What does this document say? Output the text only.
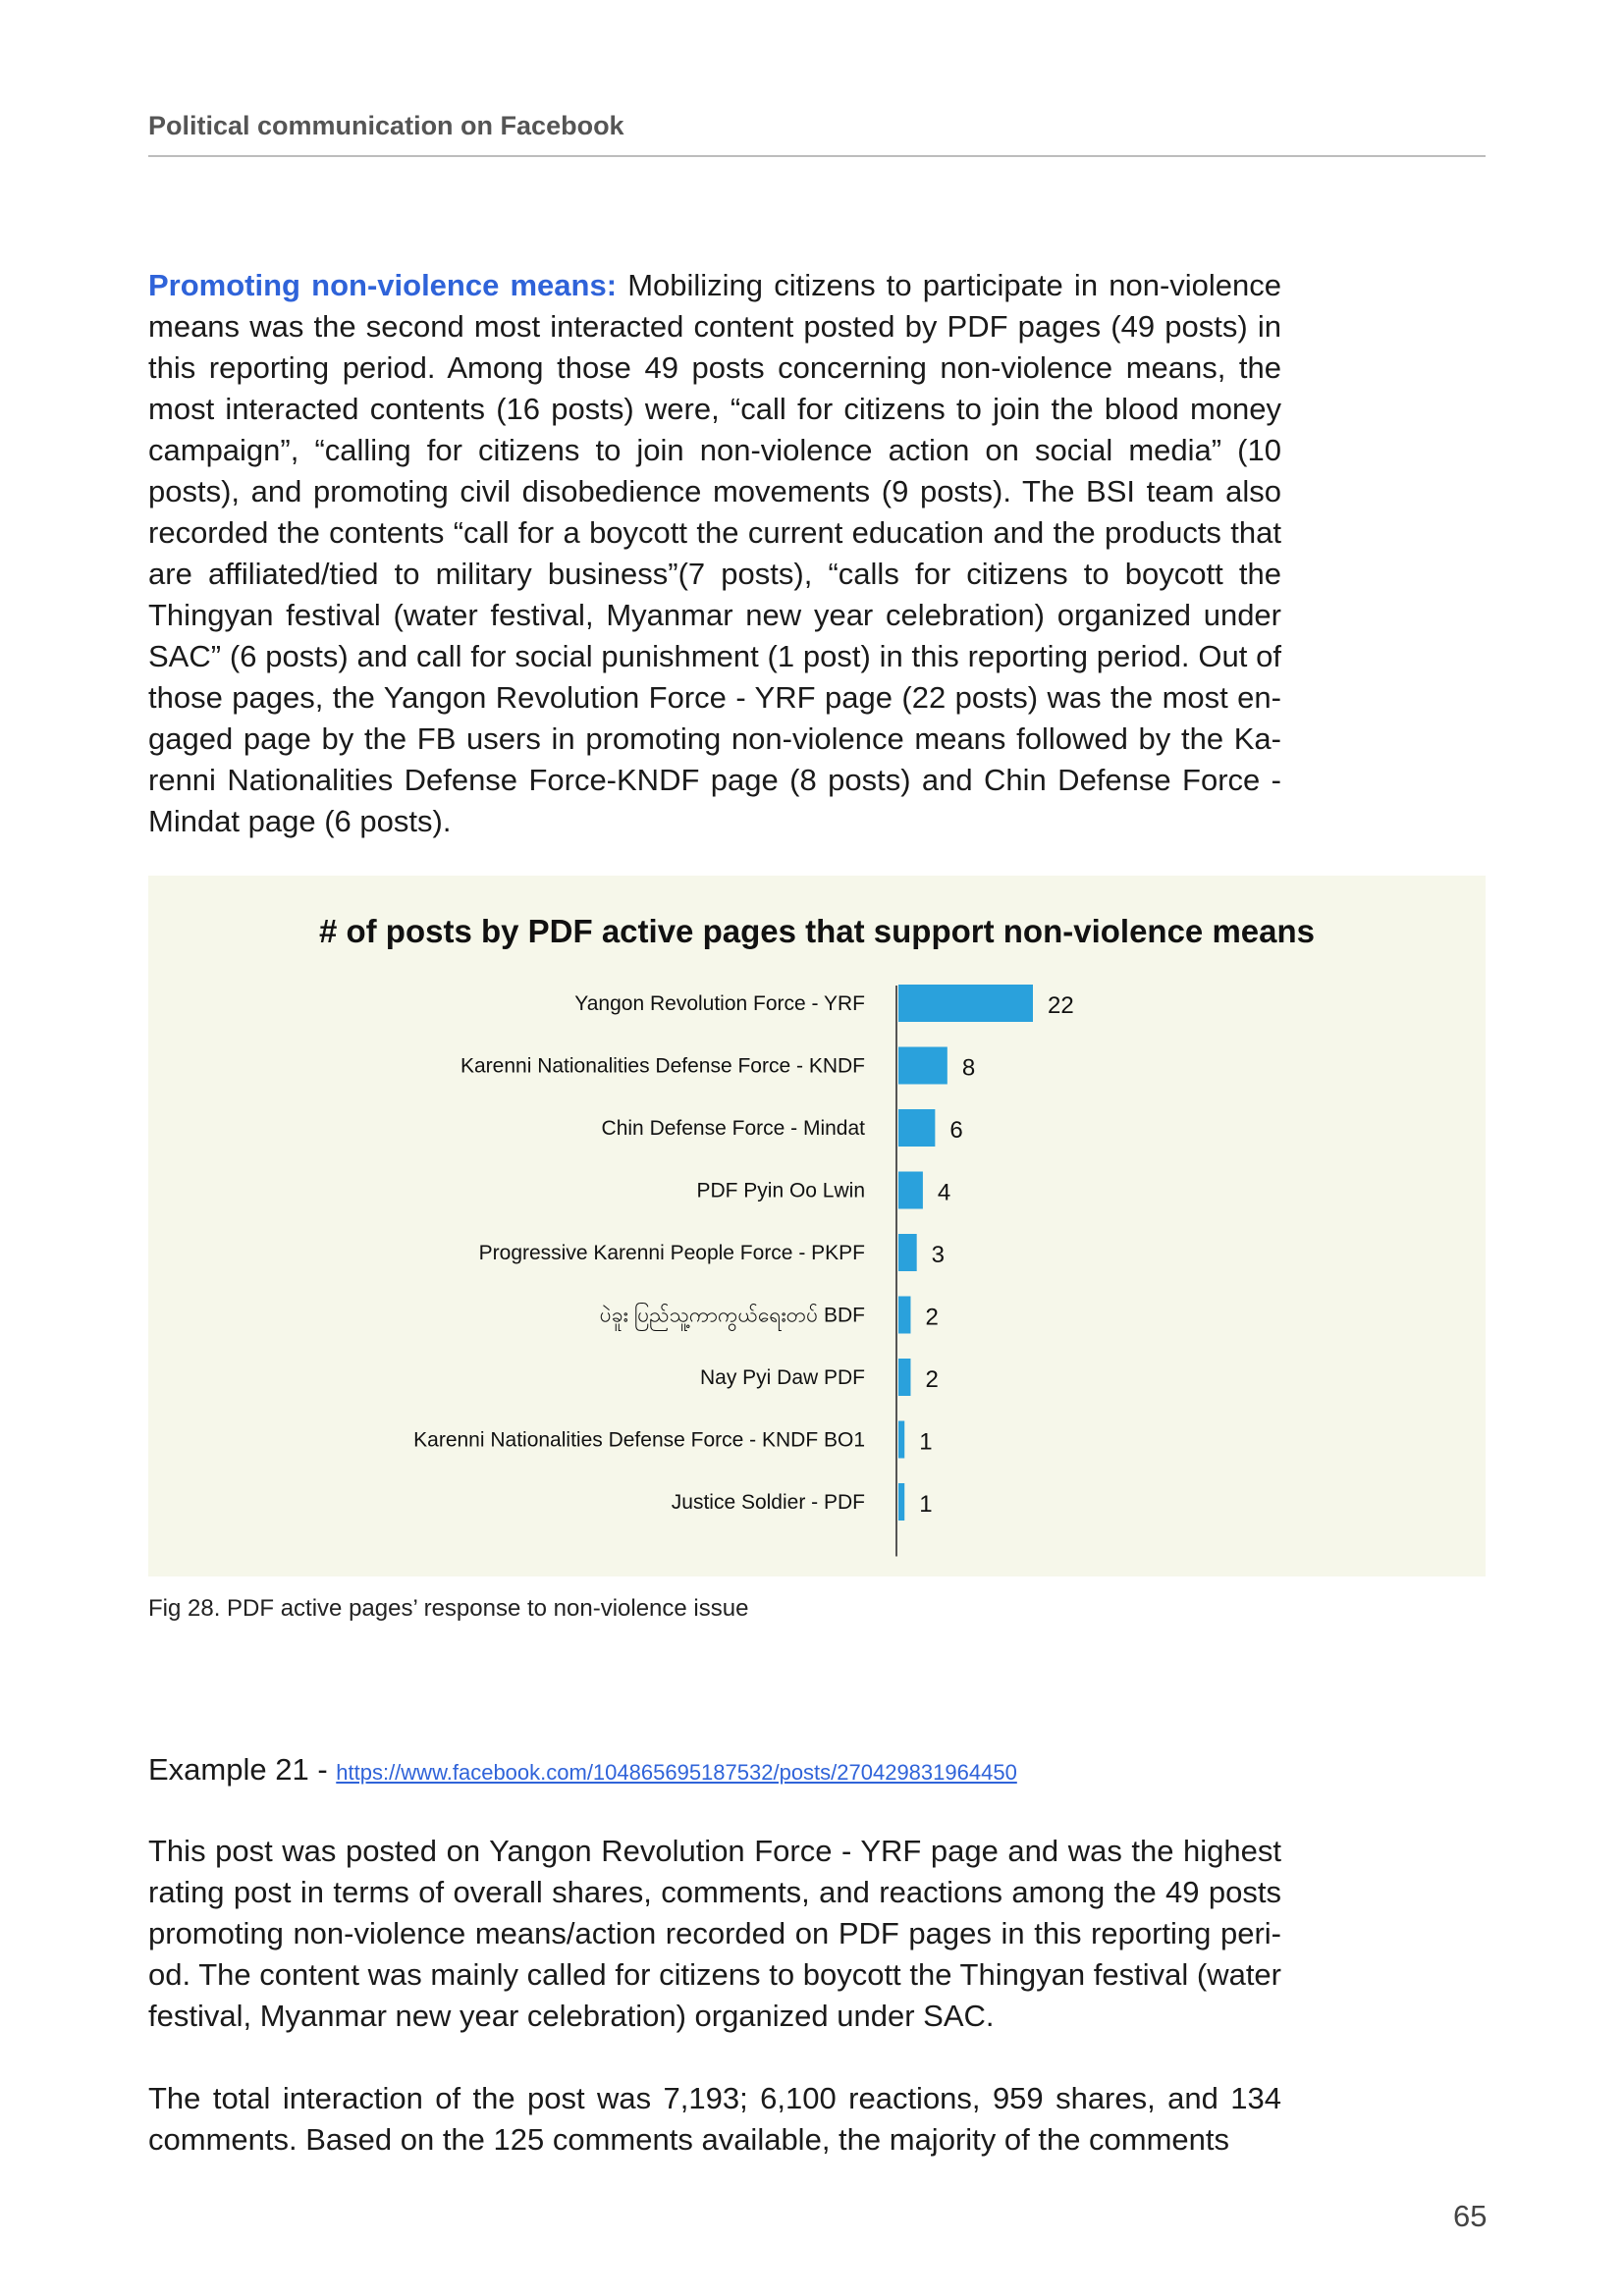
Political communication on Facebook

Promoting non-violence means: Mobilizing citizens to participate in non-violence means was the second most interacted content posted by PDF pages (49 posts) in this reporting period. Among those 49 posts concerning non-violence means, the most interacted contents (16 posts) were, “call for citizens to join the blood money campaign”, “calling for citizens to join non-violence action on social media” (10 posts), and promoting civil disobedience movements (9 posts). The BSI team also recorded the contents “call for a boycott the current education and the products that are affiliated/tied to military business”(7 posts), “calls for citizens to boycott the Thingyan festival (water festival, Myanmar new year celebration) organized under SAC” (6 posts) and call for social punishment (1 post) in this reporting period. Out of those pages, the Yangon Revolution Force - YRF page (22 posts) was the most en-gaged page by the FB users in promoting non-violence means followed by the Ka-renni Nationalities Defense Force-KNDF page (8 posts) and Chin Defense Force - Mindat page (6 posts).

# of posts by PDF active pages that support non-violence means
Yangon Revolution Force - YRF	22
Karenni Nationalities Defense Force - KNDF	8
Chin Defense Force - Mindat	6
PDF Pyin Oo Lwin	4
Progressive Karenni People Force - PKPF	3
ပဲခူး ပြည်သူ့ကာကွယ်ရေးတပ် BDF	2
Nay Pyi Daw PDF	2
Karenni Nationalities Defense Force - KNDF BO1 1
Justice Soldier - PDF 1
Fig 28. PDF active pages’ response to non-violence issue
Example 21 - https://www.facebook.com/104865695187532/posts/270429831964450

This post was posted on Yangon Revolution Force - YRF page and was the highest rating post in terms of overall shares, comments, and reactions among the 49 posts promoting non-violence means/action recorded on PDF pages in this reporting peri-od. The content was mainly called for citizens to boycott the Thingyan festival (water festival, Myanmar new year celebration) organized under SAC.

The total interaction of the post was 7,193; 6,100 reactions, 959 shares, and 134 comments. Based on the 125 comments available, the majority of the comments

65
